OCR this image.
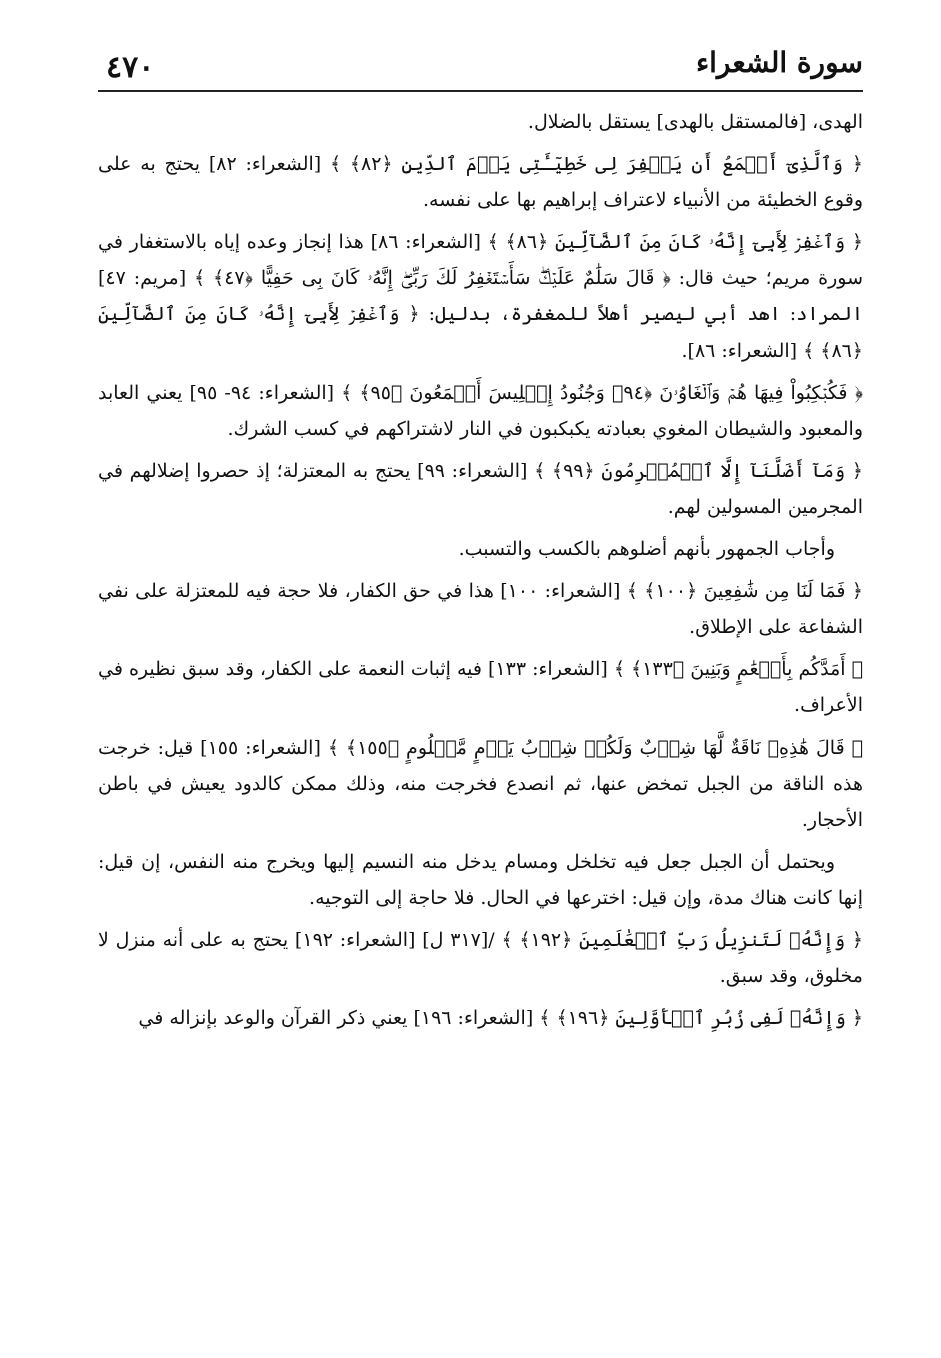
٤٧٠	سورة الشعراء

الهدى، [فالمستقل بالهدى] يستقل بالضلال.

﴿ وَٱلَّذِىٓ أَطۡمَعُ أَن يَغۡفِرَ لِى خَطِيٓـَٔتِى يَوۡمَ ٱلدِّينِ ﴿٨٢﴾ ﴾ [الشعراء: ٨٢] يحتج به على وقوع الخطيئة من الأنبياء لاعتراف إبراهيم بها على نفسه.

﴿ وَٱغۡفِرۡ لِأَبِىٓ إِنَّهُۥ كَانَ مِنَ ٱلضَّآلِّينَ ﴿٨٦﴾ ﴾ [الشعراء: ٨٦] هذا إنجاز وعده إياه بالاستغفار في سورة مريم؛ حيث قال: ﴿ قَالَ سَلَٰمٌ عَلَيۡكَۖ سَأَسۡتَغۡفِرُ لَكَ رَبِّىٓۖ إِنَّهُۥ كَانَ بِى حَفِيًّا ﴿٤٧﴾ ﴾ [مريم: ٤٧] المراد: اهد أبي ليصير أهلاً للمغفرة، بدليل: ﴿ وَٱغۡفِرۡ لِأَبِىٓ إِنَّهُۥ كَانَ مِنَ ٱلضَّآلِّينَ ﴿٨٦﴾ ﴾ [الشعراء: ٨٦].

﴿ فَكُبۡكِبُواْ فِيهَا هُمۡ وَٱلۡغَاوُۥنَ ﴿٩٤﴾ وَجُنُودُ إِبۡلِيسَ أَجۡمَعُونَ ﴿٩٥﴾ ﴾ [الشعراء: ٩٤- ٩٥] يعني العابد والمعبود والشيطان المغوي بعبادته يكبكبون في النار لاشتراكهم في كسب الشرك.

﴿ وَمَآ أَضَلَّنَآ إِلَّا ٱلۡمُجۡرِمُونَ ﴿٩٩﴾ ﴾ [الشعراء: ٩٩] يحتج به المعتزلة؛ إذ حصروا إضلالهم في المجرمين المسولين لهم.

وأجاب الجمهور بأنهم أضلوهم بالكسب والتسبب.

﴿ فَمَا لَنَا مِن شَٰفِعِينَ ﴿١٠٠﴾ ﴾ [الشعراء: ١٠٠] هذا في حق الكفار، فلا حجة فيه للمعتزلة على نفي الشفاعة على الإطلاق.

﴿ أَمَدَّكُم بِأَنۡعَٰمٍ وَبَنِينَ ﴿١٣٣﴾ ﴾ [الشعراء: ١٣٣] فيه إثبات النعمة على الكفار، وقد سبق نظيره في الأعراف.

﴿ قَالَ هَٰذِهِۦ نَاقَةٌ لَّهَا شِرۡبٌ وَلَكُمۡ شِرۡبُ يَوۡمٍ مَّعۡلُومٍ ﴿١٥٥﴾ ﴾ [الشعراء: ١٥٥] قيل: خرجت هذه الناقة من الجبل تمخض عنها، ثم انصدع فخرجت منه، وذلك ممكن كالدود يعيش في باطن الأحجار.

ويحتمل أن الجبل جعل فيه تخلخل ومسام يدخل منه النسيم إليها ويخرج منه النفس، إن قيل: إنها كانت هناك مدة، وإن قيل: اخترعها في الحال. فلا حاجة إلى التوجيه.

﴿ وَإِنَّهُۥ لَتَنزِيلُ رَبِّ ٱلۡعَٰلَمِينَ ﴿١٩٢﴾ ﴾ /[٣١٧ ل] [الشعراء: ١٩٢] يحتج به على أنه منزل لا مخلوق، وقد سبق.

﴿ وَإِنَّهُۥ لَفِى زُبُرِ ٱلۡأَوَّلِينَ ﴿١٩٦﴾ ﴾ [الشعراء: ١٩٦] يعني ذكر القرآن والوعد بإنزاله في
